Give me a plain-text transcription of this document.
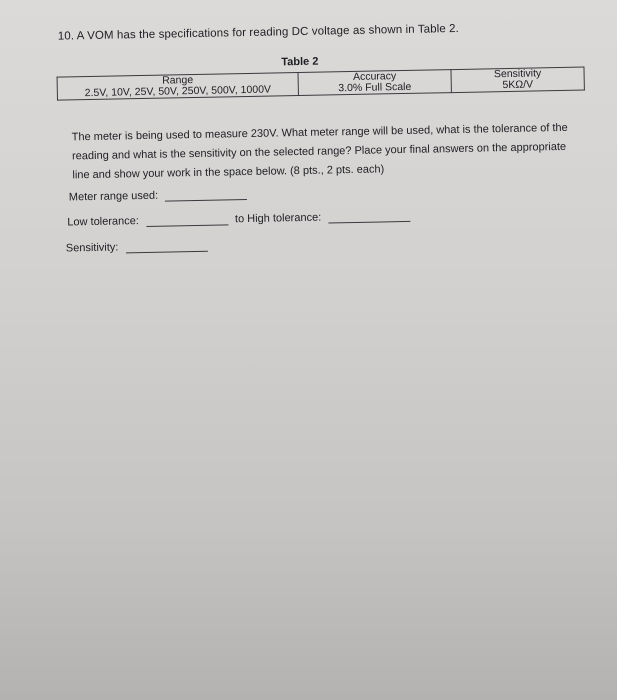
10. A VOM has the specifications for reading DC voltage as shown in Table 2.
Table 2
Range	Accuracy	Sensitivity
2.5V, 10V, 25V, 50V, 250V, 500V, 1000V	3.0% Full Scale	5KΩ/V
The meter is being used to measure 230V. What meter range will be used, what is the tolerance of the reading and what is the sensitivity on the selected range? Place your final answers on the appropriate line and show your work in the space below. (8 pts., 2 pts. each)
Meter range used:
Low tolerance:	to High tolerance:
Sensitivity:
